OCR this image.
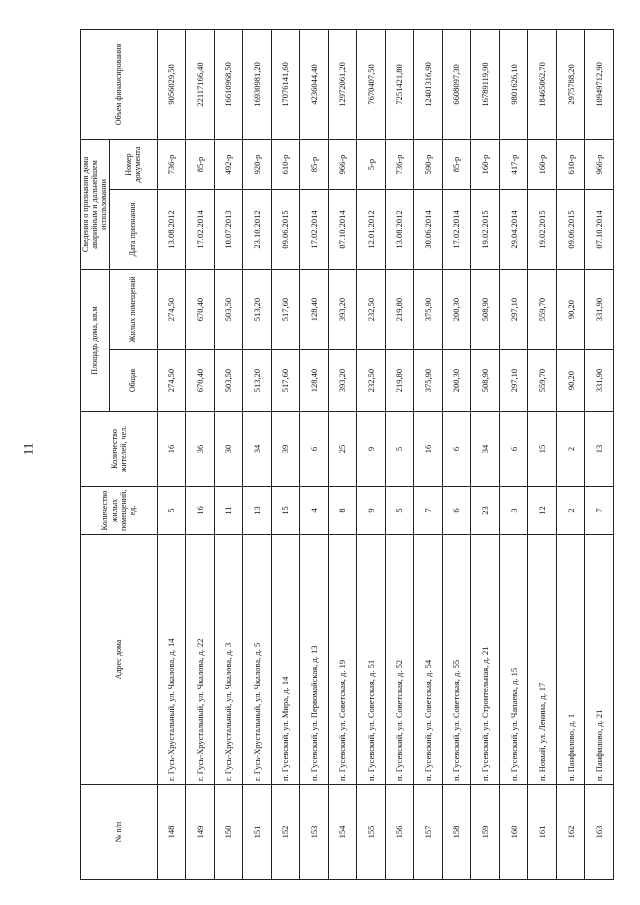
11
№ п/п	Адрес дома	Количество жилых помещений, ед.	Количество жителей, чел.	Площадь дома, кв.м		Сведения о признании дома аварийным и дальнейшем использовании		Объем финансирования
				Общая	Жилых помещений	Дата признания	Номер документа	

148	г. Гусь-Хрустальный, ул. Чкалова, д. 14	5	16	274,50	274,50	13.08.2012	736-р	9056029,50
149	г. Гусь-Хрустальный, ул. Чкалова, д. 22	16	36	670,40	670,40	17.02.2014	85-р	22117166,40
150	г. Гусь-Хрустальный, ул. Чкалова, д. 3	11	30	503,50	503,50	10.07.2013	492-р	16610968,50
151	г. Гусь-Хрустальный, ул. Чкалова, д. 5	13	34	513,20	513,20	23.10.2012	920-р	16930981,20
152	п. Гусевский, ул. Мира, д. 14	15	39	517,60	517,60	09.06.2015	610-р	17076141,60
153	п. Гусевский, ул. Первомайская, д. 13	4	6	128,40	128,40	17.02.2014	85-р	4236044,40
154	п. Гусевский, ул. Советская, д. 19	8	25	393,20	393,20	07.10.2014	966-р	12972061,20
155	п. Гусевский, ул. Советская, д. 51	9	9	232,50	232,50	12.01.2012	5-р	7670407,50
156	п. Гусевский, ул. Советская, д. 52	5	5	219,80	219,80	13.08.2012	736-р	7251421,80
157	п. Гусевский, ул. Советская, д. 54	7	16	375,90	375,90	30.06.2014	590-р	12401316,90
158	п. Гусевский, ул. Советская, д. 55	6	6	200,30	200,30	17.02.2014	85-р	6608097,30
159	п. Гусевский, ул. Строительная, д. 21	23	34	508,90	508,90	19.02.2015	160-р	16789119,90
160	п. Гусевский, ул. Чапаева, д. 15	3	6	297,10	297,10	29.04.2014	417-р	9801626,10
161	п. Новый, ул. Ленина, д. 17	12	15	559,70	559,70	19.02.2015	160-р	18465062,70
162	п. Панфилово, д. 1	2	2	90,20	90,20	09.06.2015	610-р	2975788,20
163	п. Панфилово, д. 21	7	13	331,90	331,90	07.10.2014	966-р	10949712,90
